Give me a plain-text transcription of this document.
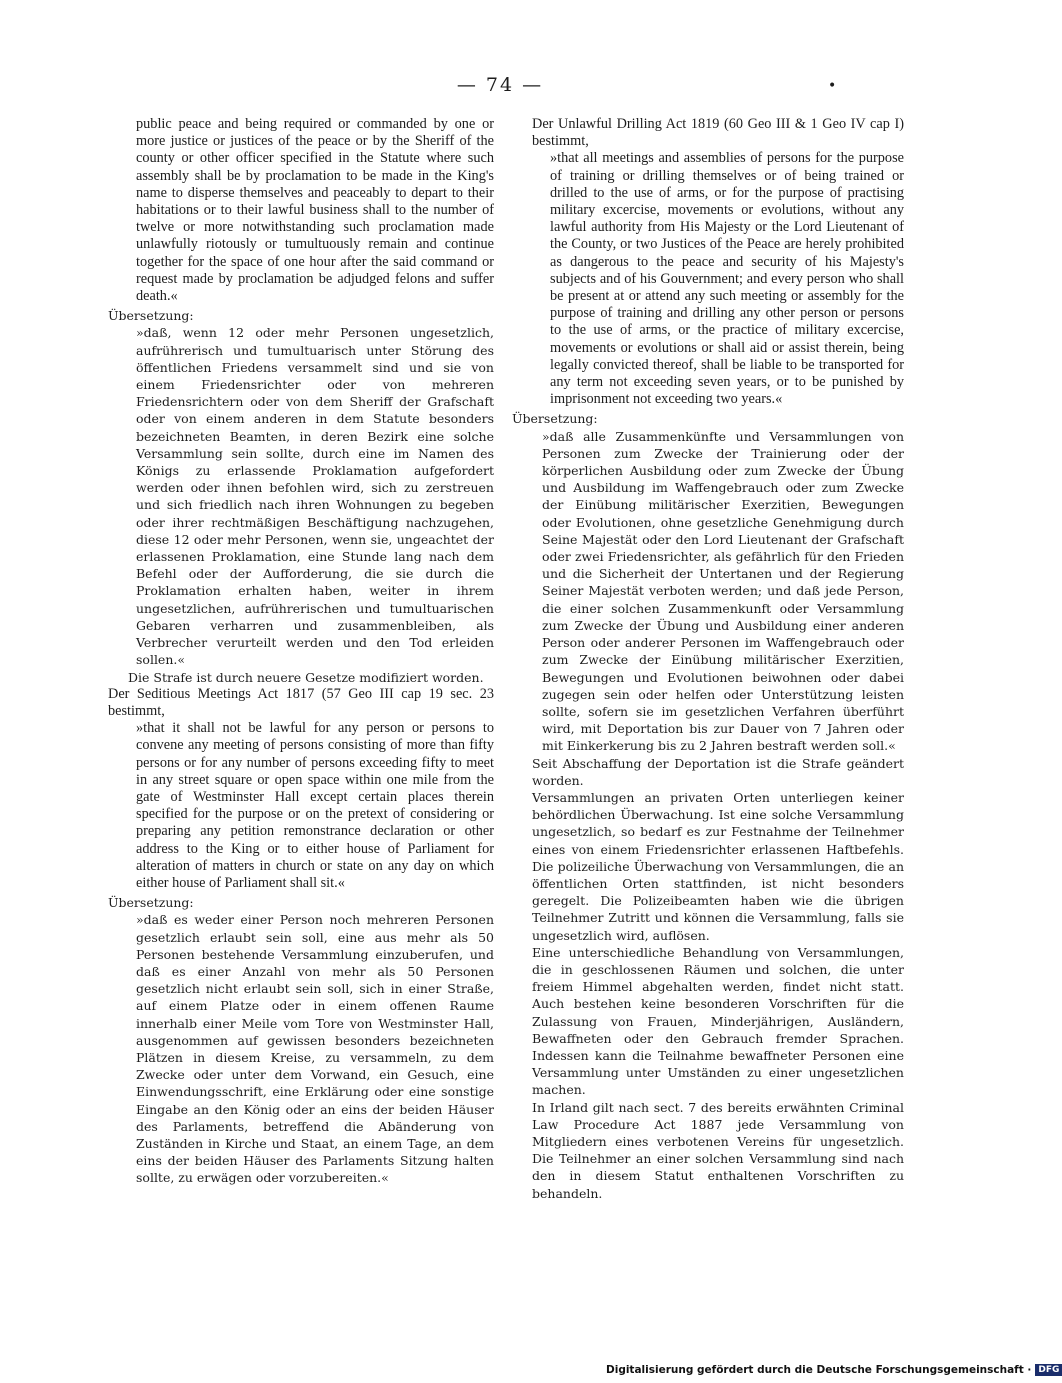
— 74 —	•

public peace and being required or commanded by one or more justice or justices of the peace or by the Sheriff of the county or other officer specified in the Statute where such assembly shall be by proclamation to be made in the King's name to disperse themselves and peaceably to depart to their habitations or to their lawful business shall to the number of twelve or more notwithstanding such proclamation made unlawfully riotously or tumultuously remain and continue together for the space of one hour after the said command or request made by proclamation be adjudged felons and suffer death.«

Übersetzung:

»daß, wenn 12 oder mehr Personen ungesetzlich, aufrührerisch und tumultuarisch unter Störung des öffentlichen Friedens versammelt sind und sie von einem Friedensrichter oder von mehreren Friedensrichtern oder von dem Sheriff der Grafschaft oder von einem anderen in dem Statute besonders bezeichneten Beamten, in deren Bezirk eine solche Versammlung sein sollte, durch eine im Namen des Königs zu erlassende Proklamation aufgefordert werden oder ihnen befohlen wird, sich zu zerstreuen und sich friedlich nach ihren Wohnungen zu begeben oder ihrer rechtmäßigen Beschäftigung nachzugehen, diese 12 oder mehr Personen, wenn sie, ungeachtet der erlassenen Proklamation, eine Stunde lang nach dem Befehl oder der Aufforderung, die sie durch die Proklamation erhalten haben, weiter in ihrem ungesetzlichen, aufrührerischen und tumultuarischen Gebaren verharren und zusammenbleiben, als Verbrecher verurteilt werden und den Tod erleiden sollen.«

Die Strafe ist durch neuere Gesetze modifiziert worden.

Der Seditious Meetings Act 1817 (57 Geo III cap 19 sec. 23 bestimmt,

»that it shall not be lawful for any person or persons to convene any meeting of persons consisting of more than fifty persons or for any number of persons exceeding fifty to meet in any street square or open space within one mile from the gate of Westminster Hall except certain places therein specified for the purpose or on the pretext of considering or preparing any petition remonstrance declaration or other address to the King or to either house of Parliament for alteration of matters in church or state on any day on which either house of Parliament shall sit.«

Übersetzung:

»daß es weder einer Person noch mehreren Personen gesetzlich erlaubt sein soll, eine aus mehr als 50 Personen bestehende Versammlung einzuberufen, und daß es einer Anzahl von mehr als 50 Personen gesetzlich nicht erlaubt sein soll, sich in einer Straße, auf einem Platze oder in einem offenen Raume innerhalb einer Meile vom Tore von Westminster Hall, ausgenommen auf gewissen besonders bezeichneten Plätzen in diesem Kreise, zu versammeln, zu dem Zwecke oder unter dem Vorwand, ein Gesuch, eine Einwendungsschrift, eine Erklärung oder eine sonstige Eingabe an den König oder an eins der beiden Häuser des Parlaments, betreffend die Abänderung von Zuständen in Kirche und Staat, an einem Tage, an dem eins der beiden Häuser des Parlaments Sitzung halten sollte, zu erwägen oder vorzubereiten.«

Der Unlawful Drilling Act 1819 (60 Geo III & 1 Geo IV cap I) bestimmt,

»that all meetings and assemblies of persons for the purpose of training or drilling themselves or of being trained or drilled to the use of arms, or for the purpose of practising military excercise, movements or evolutions, without any lawful authority from His Majesty or the Lord Lieutenant of the County, or two Justices of the Peace are herely prohibited as dangerous to the peace and security of his Majesty's subjects and of his Gouvernment; and every person who shall be present at or attend any such meeting or assembly for the purpose of training and drilling any other person or persons to the use of arms, or the practice of military excercise, movements or evolutions or shall aid or assist therein, being legally convicted thereof, shall be liable to be transported for any term not exceeding seven years, or to be punished by imprisonment not exceeding two years.«

Übersetzung:

»daß alle Zusammenkünfte und Versammlungen von Personen zum Zwecke der Trainierung oder der körperlichen Ausbildung oder zum Zwecke der Übung und Ausbildung im Waffengebrauch oder zum Zwecke der Einübung militärischer Exerzitien, Bewegungen oder Evolutionen, ohne gesetzliche Genehmigung durch Seine Majestät oder den Lord Lieutenant der Grafschaft oder zwei Friedensrichter, als gefährlich für den Frieden und die Sicherheit der Untertanen und der Regierung Seiner Majestät verboten werden; und daß jede Person, die einer solchen Zusammenkunft oder Versammlung zum Zwecke der Übung und Ausbildung einer anderen Person oder anderer Personen im Waffengebrauch oder zum Zwecke der Einübung militärischer Exerzitien, Bewegungen und Evolutionen beiwohnen oder dabei zugegen sein oder helfen oder Unterstützung leisten sollte, sofern sie im gesetzlichen Verfahren überführt wird, mit Deportation bis zur Dauer von 7 Jahren oder mit Einkerkerung bis zu 2 Jahren bestraft werden soll.«

Seit Abschaffung der Deportation ist die Strafe geändert worden.

Versammlungen an privaten Orten unterliegen keiner behördlichen Überwachung. Ist eine solche Versammlung ungesetzlich, so bedarf es zur Festnahme der Teilnehmer eines von einem Friedensrichter erlassenen Haftbefehls. Die polizeiliche Überwachung von Versammlungen, die an öffentlichen Orten stattfinden, ist nicht besonders geregelt. Die Polizeibeamten haben wie die übrigen Teilnehmer Zutritt und können die Versammlung, falls sie ungesetzlich wird, auflösen.

Eine unterschiedliche Behandlung von Versammlungen, die in geschlossenen Räumen und solchen, die unter freiem Himmel abgehalten werden, findet nicht statt. Auch bestehen keine besonderen Vorschriften für die Zulassung von Frauen, Minderjährigen, Ausländern, Bewaffneten oder den Gebrauch fremder Sprachen. Indessen kann die Teilnahme bewaffneter Personen eine Versammlung unter Umständen zu einer ungesetzlichen machen.

In Irland gilt nach sect. 7 des bereits erwähnten Criminal Law Procedure Act 1887 jede Versammlung von Mitgliedern eines verbotenen Vereins für ungesetzlich. Die Teilnehmer an einer solchen Versammlung sind nach den in diesem Statut enthaltenen Vorschriften zu behandeln.

Digitalisierung gefördert durch die Deutsche Forschungsgemeinschaft · DFG
